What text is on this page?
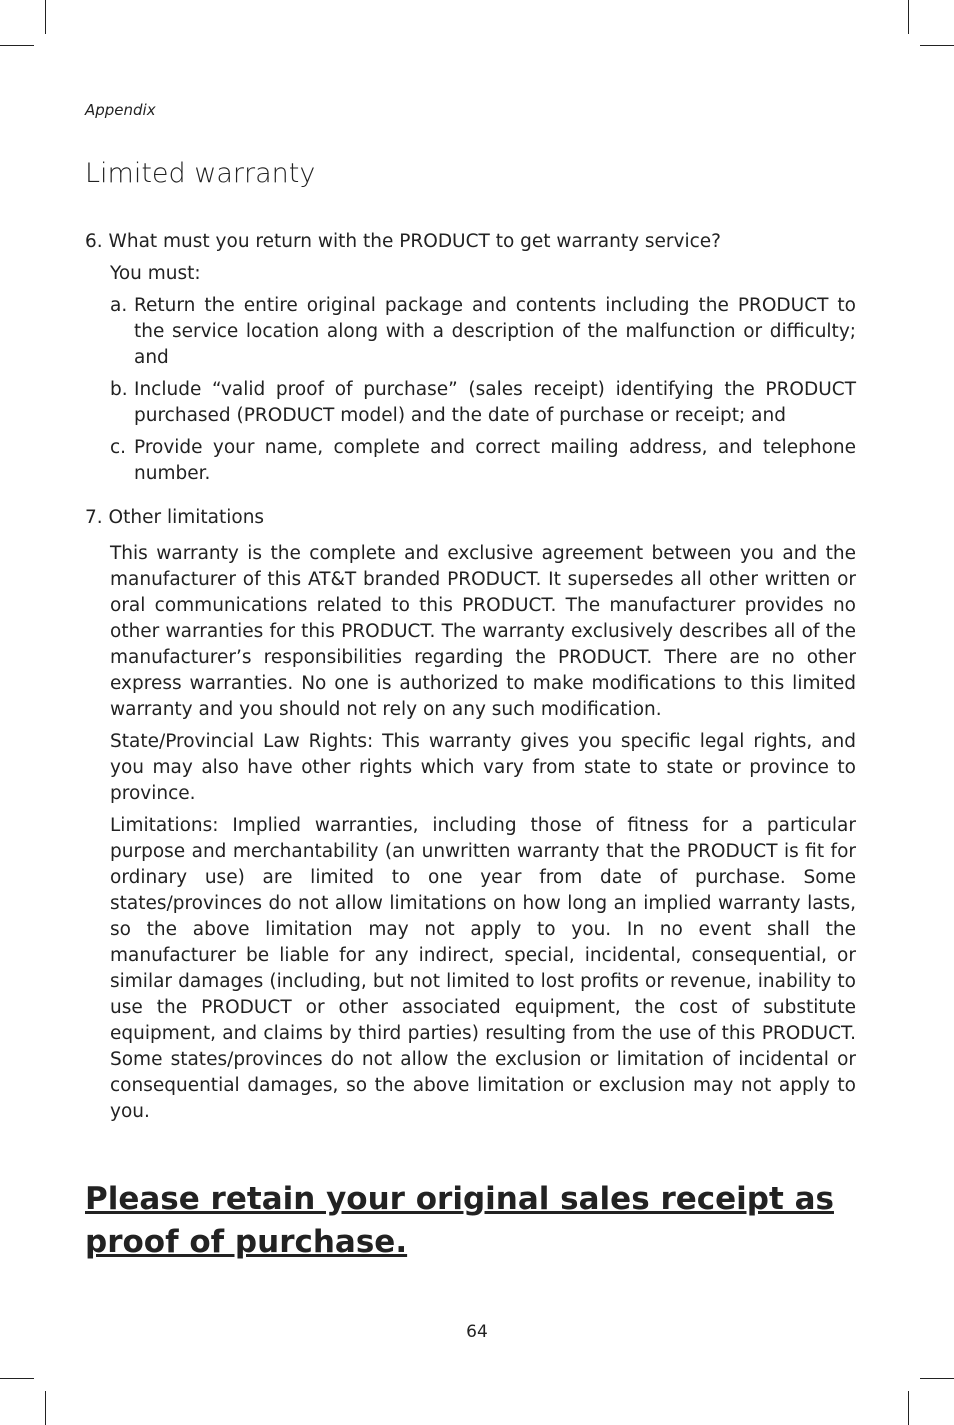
Appendix
Limited warranty
6. What must you return with the PRODUCT to get warranty service?
You must:
a. Return the entire original package and contents including the PRODUCT to the service location along with a description of the malfunction or difficulty; and
b. Include “valid proof of purchase” (sales receipt) identifying the PRODUCT purchased (PRODUCT model) and the date of purchase or receipt; and
c. Provide your name, complete and correct mailing address, and telephone number.
7. Other limitations

This warranty is the complete and exclusive agreement between you and the manufacturer of this AT&T branded PRODUCT. It supersedes all other written or oral communications related to this PRODUCT. The manufacturer provides no other warranties for this PRODUCT. The warranty exclusively describes all of the manufacturer’s responsibilities regarding the PRODUCT. There are no other express warranties. No one is authorized to make modifications to this limited warranty and you should not rely on any such modification.

State/Provincial Law Rights: This warranty gives you specific legal rights, and you may also have other rights which vary from state to state or province to province.

Limitations: Implied warranties, including those of fitness for a particular purpose and merchantability (an unwritten warranty that the PRODUCT is fit for ordinary use) are limited to one year from date of purchase. Some states/provinces do not allow limitations on how long an implied warranty lasts, so the above limitation may not apply to you. In no event shall the manufacturer be liable for any indirect, special, incidental, consequential, or similar damages (including, but not limited to lost profits or revenue, inability to use the PRODUCT or other associated equipment, the cost of substitute equipment, and claims by third parties) resulting from the use of this PRODUCT. Some states/provinces do not allow the exclusion or limitation of incidental or consequential damages, so the above limitation or exclusion may not apply to you.

Please retain your original sales receipt as proof of purchase.

64
